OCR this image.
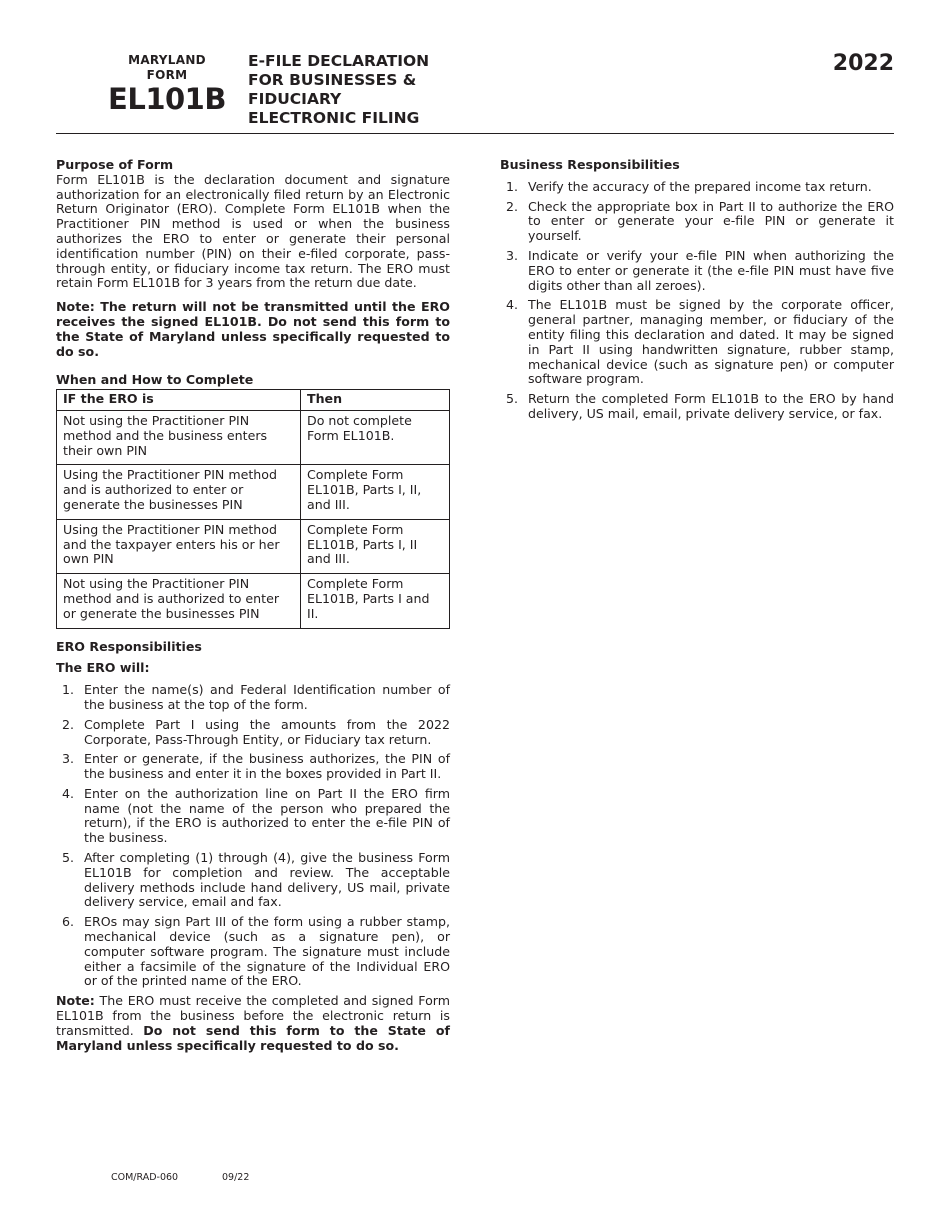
MARYLAND
FORM
EL101B
E-FILE DECLARATION
FOR BUSINESSES &
FIDUCIARY
ELECTRONIC FILING
2022

Purpose of Form

Form EL101B is the declaration document and signature authorization for an electronically filed return by an Electronic Return Originator (ERO). Complete Form EL101B when the Practitioner PIN method is used or when the business authorizes the ERO to enter or generate their personal identification number (PIN) on their e-filed corporate, pass-through entity, or fiduciary income tax return. The ERO must retain Form EL101B for 3 years from the return due date.

Note: The return will not be transmitted until the ERO receives the signed EL101B. Do not send this form to the State of Maryland unless specifically requested to do so.

When and How to Complete

IF the ERO is	Then
Not using the Practitioner PIN method and the business enters their own PIN	Do not complete Form EL101B.
Using the Practitioner PIN method and is authorized to enter or generate the businesses PIN	Complete Form EL101B, Parts I, II, and III.
Using the Practitioner PIN method and the taxpayer enters his or her own PIN	Complete Form EL101B, Parts I, II and III.
Not using the Practitioner PIN method and is authorized to enter or generate the businesses PIN	Complete Form EL101B, Parts I and II.

ERO Responsibilities

The ERO will:

1. Enter the name(s) and Federal Identification number of the business at the top of the form.
2. Complete Part I using the amounts from the 2022 Corporate, Pass-Through Entity, or Fiduciary tax return.
3. Enter or generate, if the business authorizes, the PIN of the business and enter it in the boxes provided in Part II.
4. Enter on the authorization line on Part II the ERO firm name (not the name of the person who prepared the return), if the ERO is authorized to enter the e-file PIN of the business.
5. After completing (1) through (4), give the business Form EL101B for completion and review. The acceptable delivery methods include hand delivery, US mail, private delivery service, email and fax.
6. EROs may sign Part III of the form using a rubber stamp, mechanical device (such as a signature pen), or computer software program. The signature must include either a facsimile of the signature of the Individual ERO or of the printed name of the ERO.

Note: The ERO must receive the completed and signed Form EL101B from the business before the electronic return is transmitted. Do not send this form to the State of Maryland unless specifically requested to do so.

Business Responsibilities

1. Verify the accuracy of the prepared income tax return.
2. Check the appropriate box in Part II to authorize the ERO to enter or generate your e-file PIN or generate it yourself.
3. Indicate or verify your e-file PIN when authorizing the ERO to enter or generate it (the e-file PIN must have five digits other than all zeroes).
4. The EL101B must be signed by the corporate officer, general partner, managing member, or fiduciary of the entity filing this declaration and dated. It may be signed in Part II using handwritten signature, rubber stamp, mechanical device (such as signature pen) or computer software program.
5. Return the completed Form EL101B to the ERO by hand delivery, US mail, email, private delivery service, or fax.
COM/RAD-060	09/22
